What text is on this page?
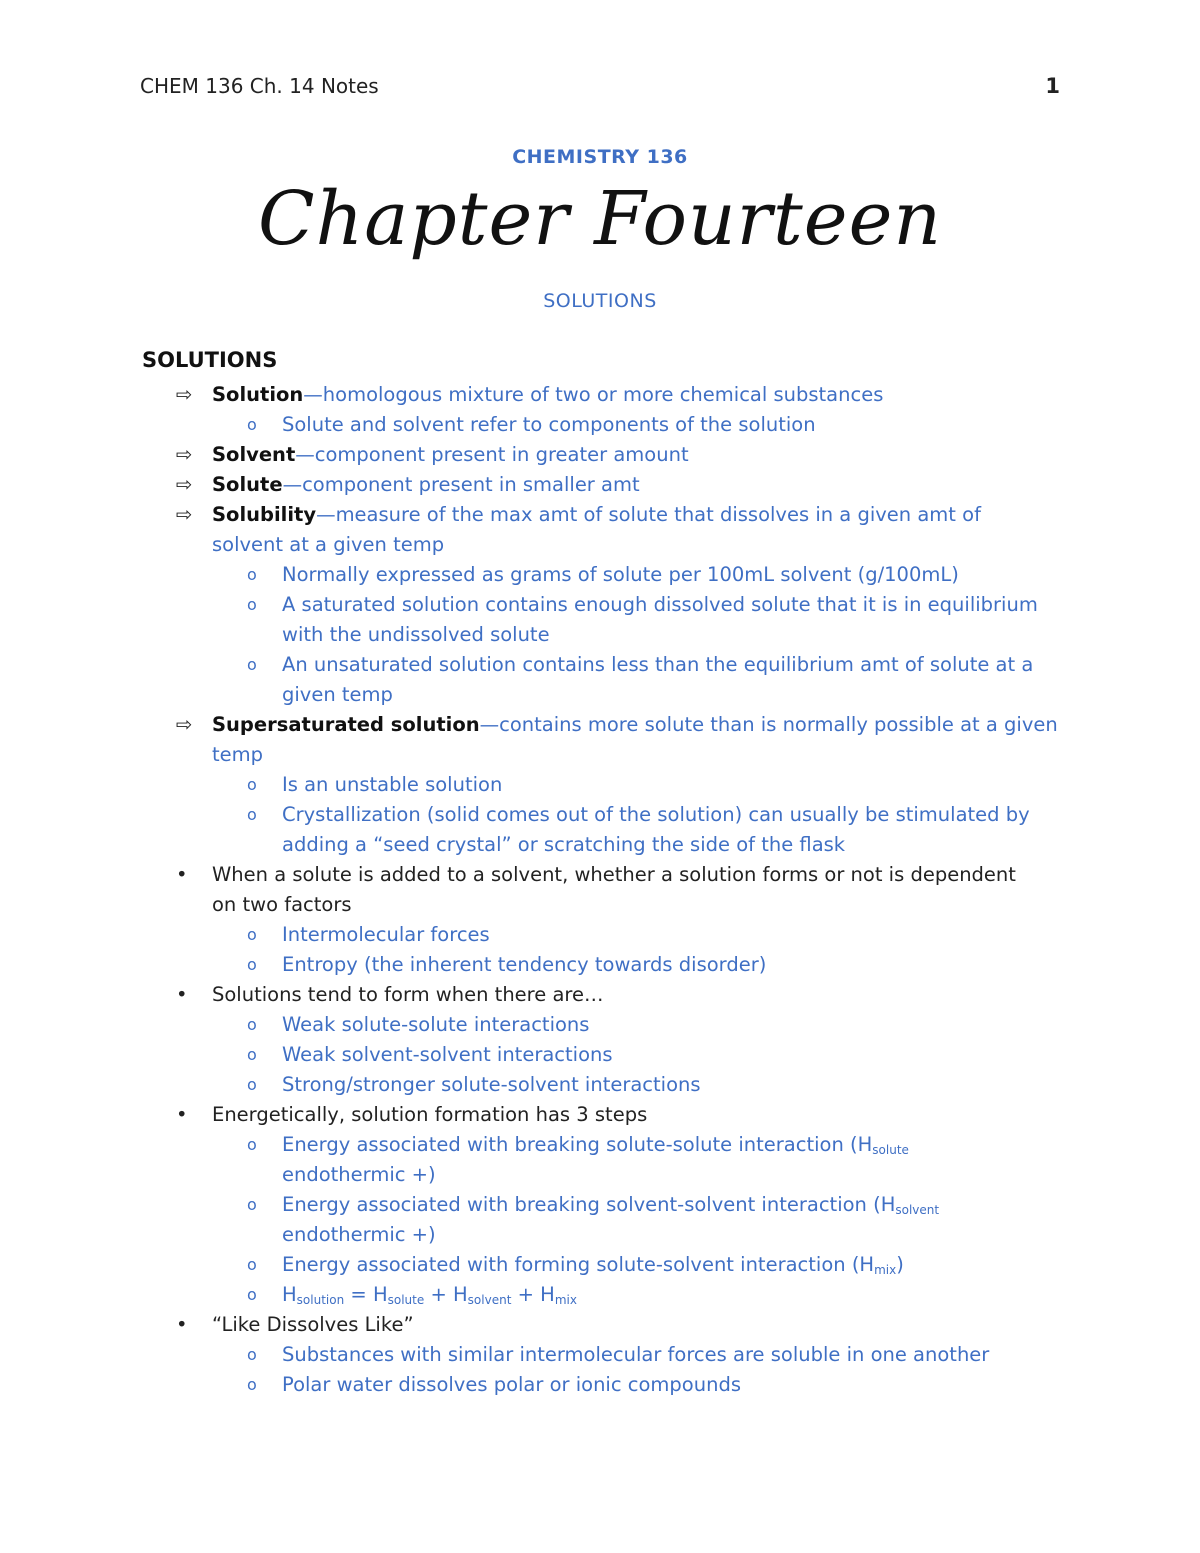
CHEM 136 Ch. 14 Notes	1
CHEMISTRY 136
Chapter Fourteen
SOLUTIONS
SOLUTIONS
⇨ Solution—homologous mixture of two or more chemical substances
o Solute and solvent refer to components of the solution
⇨ Solvent—component present in greater amount
⇨ Solute—component present in smaller amt
⇨ Solubility—measure of the max amt of solute that dissolves in a given amt of
solvent at a given temp
o Normally expressed as grams of solute per 100mL solvent (g/100mL)
o A saturated solution contains enough dissolved solute that it is in equilibrium
with the undissolved solute
o An unsaturated solution contains less than the equilibrium amt of solute at a
given temp
⇨ Supersaturated solution—contains more solute than is normally possible at a given
temp
o Is an unstable solution
o Crystallization (solid comes out of the solution) can usually be stimulated by
adding a “seed crystal” or scratching the side of the flask
• When a solute is added to a solvent, whether a solution forms or not is dependent
on two factors
o Intermolecular forces
o Entropy (the inherent tendency towards disorder)
• Solutions tend to form when there are…
o Weak solute-solute interactions
o Weak solvent-solvent interactions
o Strong/stronger solute-solvent interactions
• Energetically, solution formation has 3 steps
o Energy associated with breaking solute-solute interaction ($H_{solute}$
endothermic +)
o Energy associated with breaking solvent-solvent interaction ($H_{solvent}$
endothermic +)
o Energy associated with forming solute-solvent interaction $(H_{mix})$
o $H_{solution} = H_{solute} + H_{solvent} + H_{mix}$
• “Like Dissolves Like”
o Substances with similar intermolecular forces are soluble in one another
o Polar water dissolves polar or ionic compounds
